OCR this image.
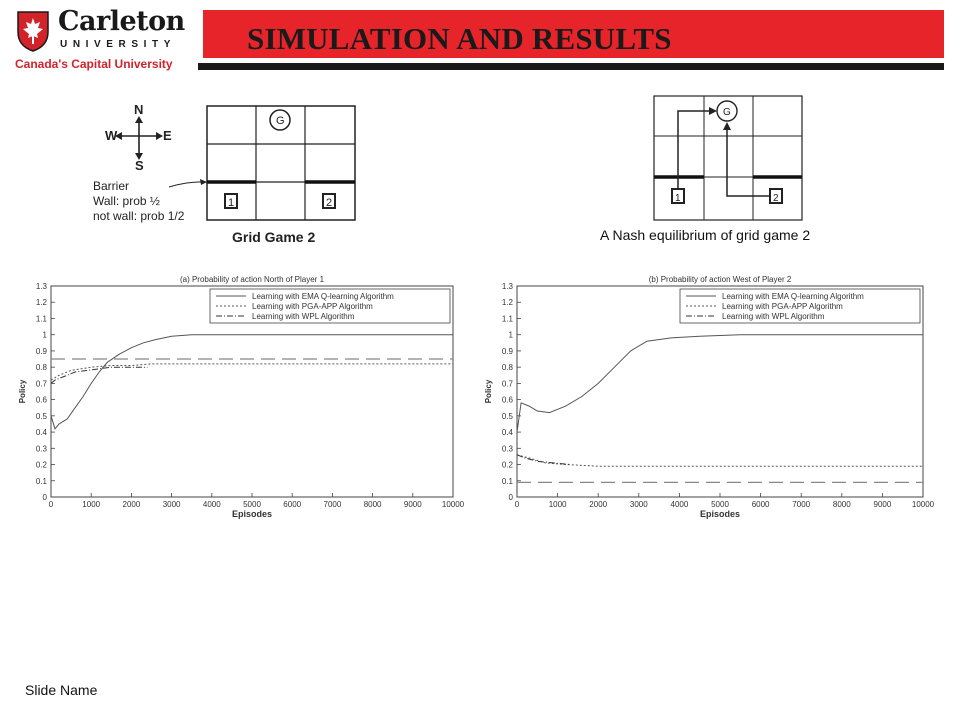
Carleton
UNIVERSITY
Canada's Capital University
SIMULATION AND RESULTS
N
S
W	E
G
1	2
Barrier
Wall: prob ½
not wall: prob 1/2
Grid Game 2
G
1	2
A Nash equilibrium of grid game 2
0
0.1
0.2
0.3
0.4
0.5
0.6
0.7
0.8
0.9
1
1.1
1.2
1.3
0	1000	2000	3000	4000	5000	6000	7000	8000	9000	10000
(a) Probability of action North of Player 1
Episodes
Policy
Learning with EMA Q-learning Algorithm
Learning with PGA-APP Algorithm
Learning with WPL Algorithm
0
0.1
0.2
0.3
0.4
0.5
0.6
0.7
0.8
0.9
1
1.1
1.2
1.3
0	1000	2000	3000	4000	5000	6000	7000	8000	9000	10000
(b) Probability of action West of Player 2
Episodes
Policy
Learning with EMA Q-learning Algorithm
Learning with PGA-APP Algorithm
Learning with WPL Algorithm
Slide Name
